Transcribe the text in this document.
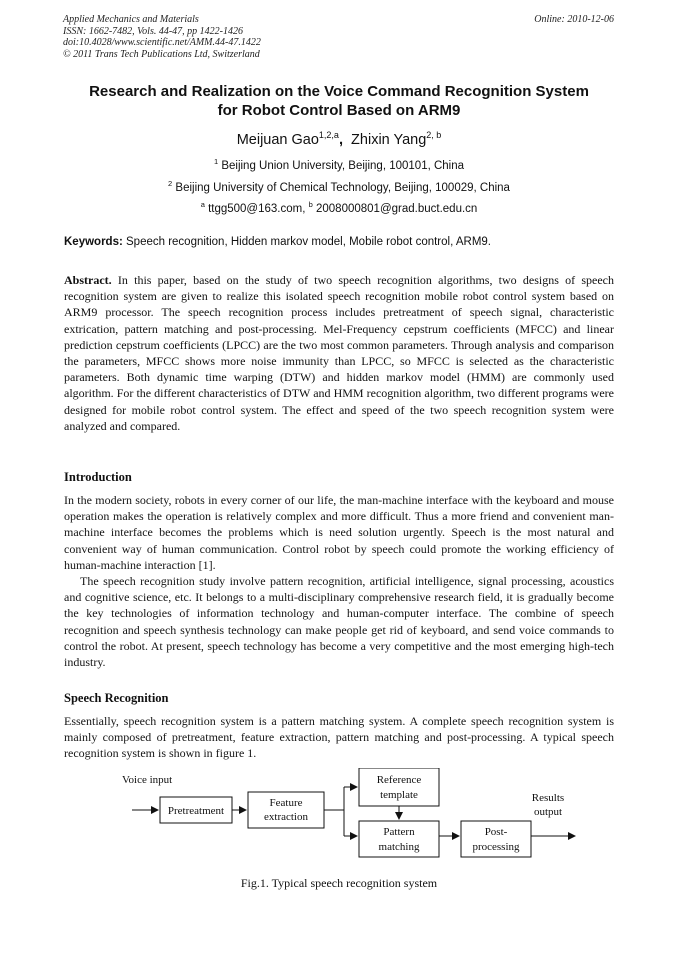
Applied Mechanics and Materials
ISSN: 1662-7482, Vols. 44-47, pp 1422-1426
doi:10.4028/www.scientific.net/AMM.44-47.1422
© 2011 Trans Tech Publications Ltd, Switzerland
Online: 2010-12-06
Research and Realization on the Voice Command Recognition System
for Robot Control Based on ARM9
Meijuan Gao$^{1,2,a}$, Zhixin Yang$^{2, b}$
$^1$ Beijing Union University, Beijing, 100101, China
$^2$ Beijing University of Chemical Technology, Beijing, 100029, China
$^a$ ttgg500@163.com, $^b$ 2008000801@grad.buct.edu.cn
Keywords: Speech recognition, Hidden markov model, Mobile robot control, ARM9.
Abstract. In this paper, based on the study of two speech recognition algorithms, two designs of speech recognition system are given to realize this isolated speech recognition mobile robot control system based on ARM9 processor. The speech recognition process includes pretreatment of speech signal, characteristic extrication, pattern matching and post-processing. Mel-Frequency cepstrum coefficients (MFCC) and linear prediction cepstrum coefficients (LPCC) are the two most common parameters. Through analysis and comparison the parameters, MFCC shows more noise immunity than LPCC, so MFCC is selected as the characteristic parameters. Both dynamic time warping (DTW) and hidden markov model (HMM) are commonly used algorithm. For the different characteristics of DTW and HMM recognition algorithm, two different programs were designed for mobile robot control system. The effect and speed of the two speech recognition system were analyzed and compared.
Introduction
In the modern society, robots in every corner of our life, the man-machine interface with the keyboard and mouse operation makes the operation is relatively complex and more difficult. Thus a more friend and convenient man-machine interface becomes the problems which is need solution urgently. Speech is the most natural and convenient way of human communication. Control robot by speech could promote the working efficiency of human-machine interaction [1].
The speech recognition study involve pattern recognition, artificial intelligence, signal processing, acoustics and cognitive science, etc. It belongs to a multi-disciplinary comprehensive research field, it is gradually become the key technologies of information technology and human-computer interface. The combine of speech recognition and speech synthesis technology can make people get rid of keyboard, and send voice commands to control the robot. At present, speech technology has become a very competitive and the most emerging high-tech industry.
Speech Recognition
Essentially, speech recognition system is a pattern matching system. A complete speech recognition system is mainly composed of pretreatment, feature extraction, pattern matching and post-processing. A typical speech recognition system is shown in figure 1.
Voice input
Pretreatment
Feature
extraction
Reference
template
Pattern
matching
Post-
processing
Results
output
Fig.1. Typical speech recognition system
